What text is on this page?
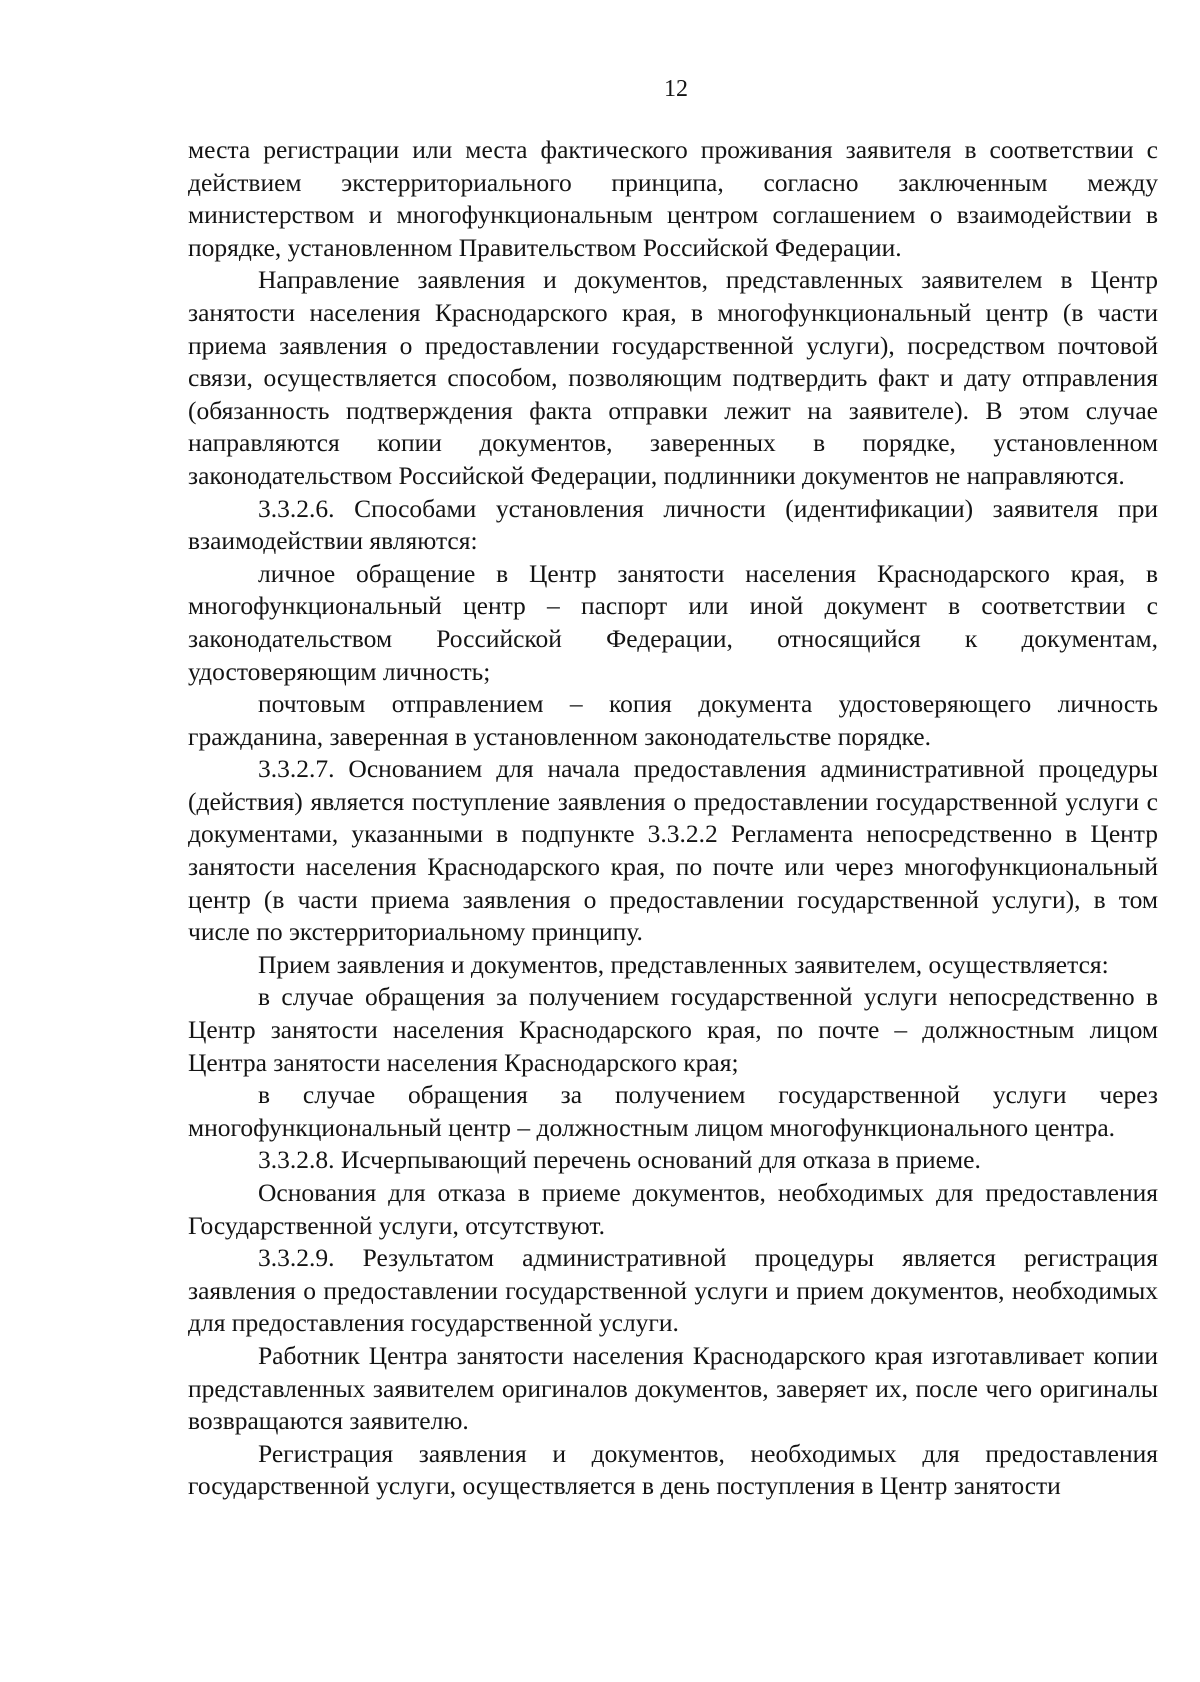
12

места регистрации или места фактического проживания заявителя в соответствии с действием экстерриториального принципа, согласно заключенным между министерством и многофункциональным центром соглашением о взаимодействии в порядке, установленном Правительством Российской Федерации.

Направление заявления и документов, представленных заявителем в Центр занятости населения Краснодарского края, в многофункциональный центр (в части приема заявления о предоставлении государственной услуги), посредством почтовой связи, осуществляется способом, позволяющим подтвердить факт и дату отправления (обязанность подтверждения факта отправки лежит на заявителе). В этом случае направляются копии документов, заверенных в порядке, установленном законодательством Российской Федерации, подлинники документов не направляются.

3.3.2.6. Способами установления личности (идентификации) заявителя при взаимодействии являются:

личное обращение в Центр занятости населения Краснодарского края, в многофункциональный центр – паспорт или иной документ в соответствии с законодательством Российской Федерации, относящийся к документам, удостоверяющим личность;

почтовым отправлением – копия документа удостоверяющего личность гражданина, заверенная в установленном законодательстве порядке.

3.3.2.7. Основанием для начала предоставления административной процедуры (действия) является поступление заявления о предоставлении государственной услуги с документами, указанными в подпункте 3.3.2.2 Регламента непосредственно в Центр занятости населения Краснодарского края, по почте или через многофункциональный центр (в части приема заявления о предоставлении государственной услуги), в том числе по экстерриториальному принципу.

Прием заявления и документов, представленных заявителем, осуществляется:

в случае обращения за получением государственной услуги непосредственно в Центр занятости населения Краснодарского края, по почте – должностным лицом Центра занятости населения Краснодарского края;

в случае обращения за получением государственной услуги через многофункциональный центр – должностным лицом многофункционального центра.

3.3.2.8. Исчерпывающий перечень оснований для отказа в приеме.

Основания для отказа в приеме документов, необходимых для предоставления Государственной услуги, отсутствуют.

3.3.2.9. Результатом административной процедуры является регистрация заявления о предоставлении государственной услуги и прием документов, необходимых для предоставления государственной услуги.

Работник Центра занятости населения Краснодарского края изготавливает копии представленных заявителем оригиналов документов, заверяет их, после чего оригиналы возвращаются заявителю.

Регистрация заявления и документов, необходимых для предоставления государственной услуги, осуществляется в день поступления в Центр занятости
